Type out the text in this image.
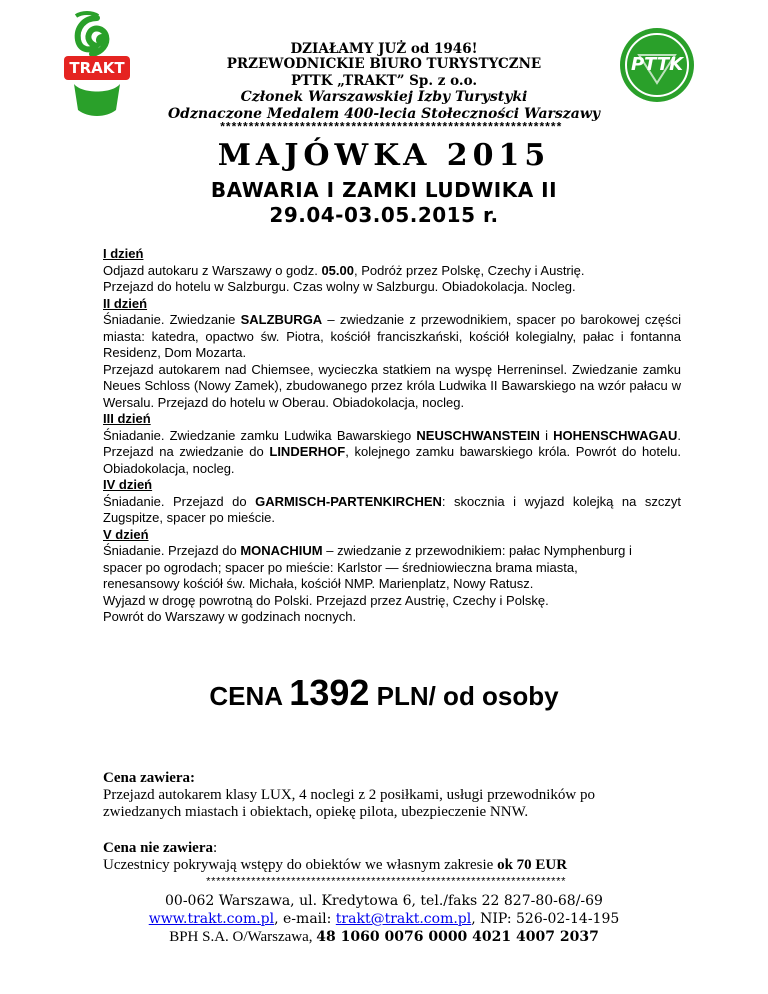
TRAKT	PTTK
DZIAŁAMY JUŻ od 1946!
PRZEWODNICKIE BIURO TURYSTYCZNE
PTTK „TRAKT” Sp. z o.o.
Członek Warszawskiej Izby Turystyki
Odznaczone Medalem 400-lecia Stołeczności Warszawy
************************************************************
MAJÓWKA 2015
BAWARIA I ZAMKI LUDWIKA II
29.04-03.05.2015 r.

I dzień

Odjazd autokaru z Warszawy o godz. 05.00, Podróż przez Polskę, Czechy i Austrię.

Przejazd do hotelu w Salzburgu. Czas wolny w Salzburgu. Obiadokolacja. Nocleg.

II dzień

Śniadanie. Zwiedzanie SALZBURGA – zwiedzanie z przewodnikiem, spacer po barokowej części miasta: katedra, opactwo św. Piotra, kościół franciszkański, kościół kolegialny, pałac i fontanna Residenz, Dom Mozarta.

Przejazd autokarem nad Chiemsee, wycieczka statkiem na wyspę Herreninsel. Zwiedzanie zamku Neues Schloss (Nowy Zamek), zbudowanego przez króla Ludwika II Bawarskiego na wzór pałacu w Wersalu. Przejazd do hotelu w Oberau. Obiadokolacja, nocleg.

III dzień

Śniadanie. Zwiedzanie zamku Ludwika Bawarskiego NEUSCHWANSTEIN i HOHENSCHWAGAU. Przejazd na zwiedzanie do LINDERHOF, kolejnego zamku bawarskiego króla. Powrót do hotelu. Obiadokolacja, nocleg.

IV dzień

Śniadanie. Przejazd do GARMISCH-PARTENKIRCHEN: skocznia i wyjazd kolejką na szczyt Zugspitze, spacer po mieście.

V dzień

Śniadanie. Przejazd do MONACHIUM – zwiedzanie z przewodnikiem: pałac Nymphenburg i

spacer po ogrodach; spacer po mieście: Karlstor — średniowieczna brama miasta,

renesansowy kościół św. Michała, kościół NMP. Marienplatz, Nowy Ratusz.

Wyjazd w drogę powrotną do Polski. Przejazd przez Austrię, Czechy i Polskę.

Powrót do Warszawy w godzinach nocnych.

CENA 1392 PLN/ od osoby
Cena zawiera:
Przejazd autokarem klasy LUX, 4 noclegi z 2 posiłkami, usługi przewodników po zwiedzanych miastach i obiektach, opiekę pilota, ubezpieczenie NNW.
Cena nie zawiera:
Uczestnicy pokrywają wstępy do obiektów we własnym zakresie ok 70 EUR
************************************************************************
00-062 Warszawa, ul. Kredytowa 6, tel./faks 22 827-80-68/-69
www.trakt.com.pl, e-mail: trakt@trakt.com.pl, NIP: 526-02-14-195
BPH S.A. O/Warszawa, 48 1060 0076 0000 4021 4007 2037
